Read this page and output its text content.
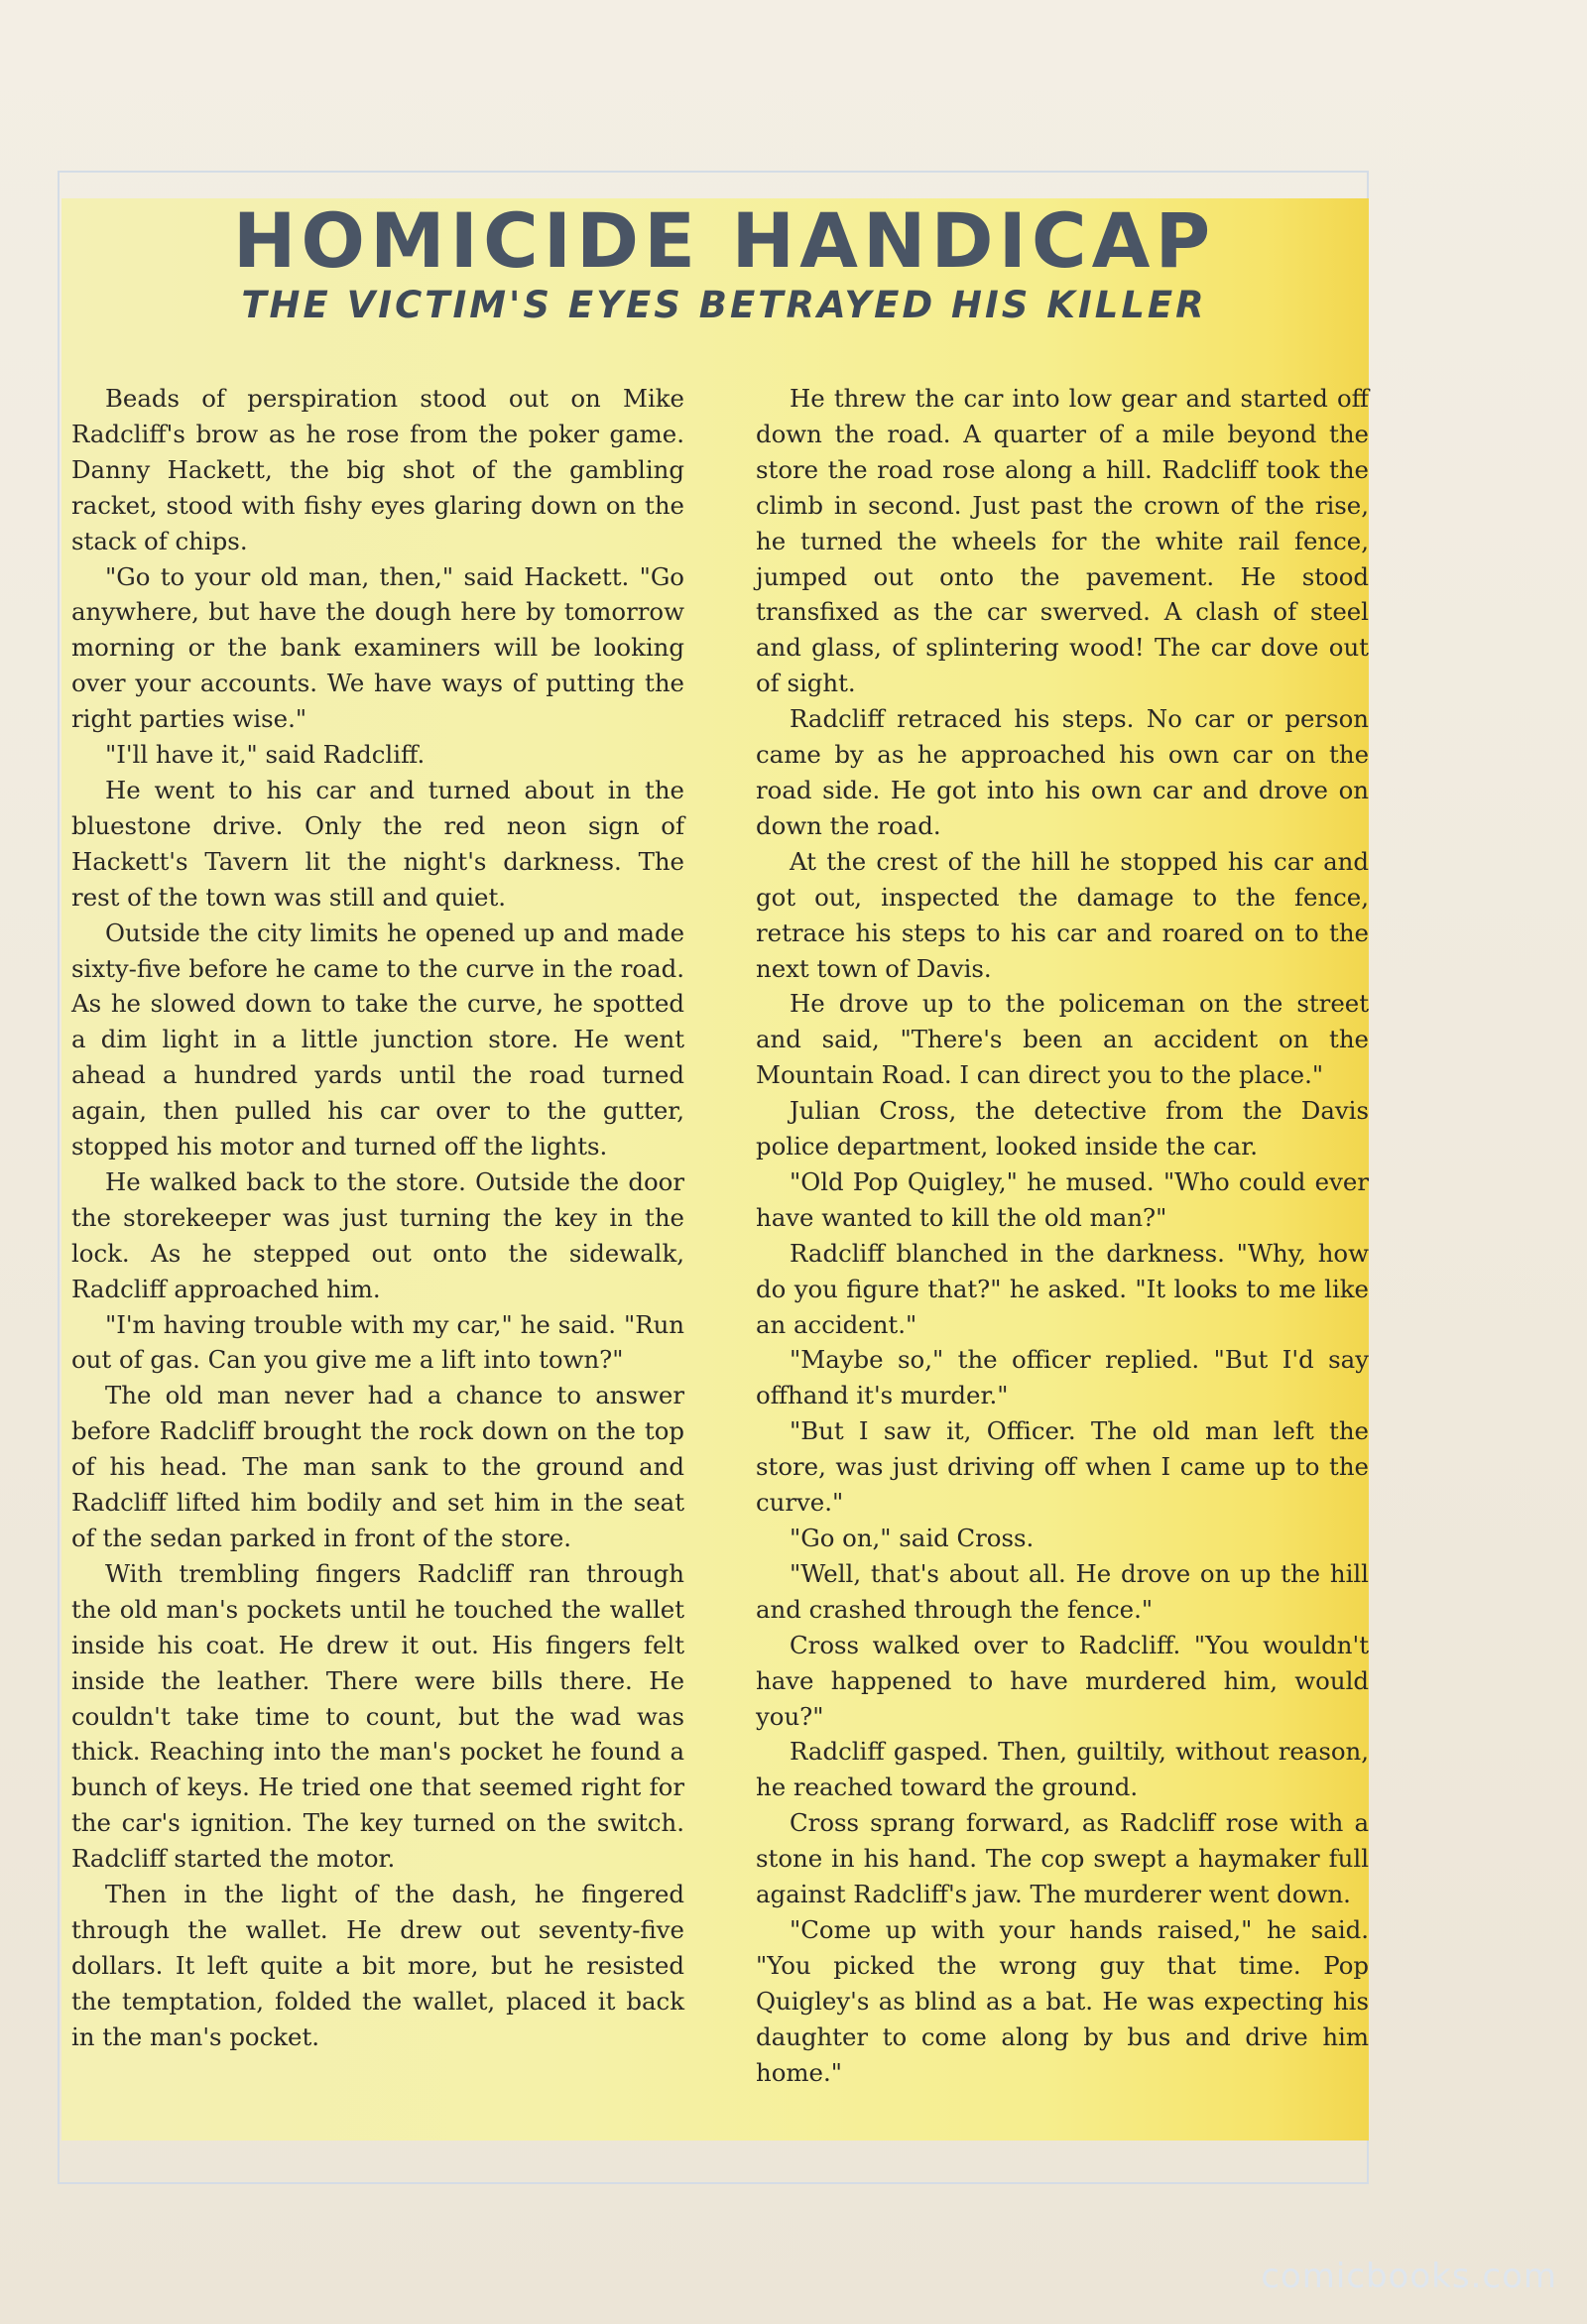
HOMICIDE HANDICAP
THE VICTIM'S EYES BETRAYED HIS KILLER

Beads of perspiration stood out on Mike Radcliff's brow as he rose from the poker game. Danny Hackett, the big shot of the gambling racket, stood with fishy eyes glaring down on the stack of chips.

"Go to your old man, then," said Hackett. "Go anywhere, but have the dough here by tomorrow morning or the bank examiners will be looking over your accounts. We have ways of putting the right parties wise."

"I'll have it," said Radcliff.

He went to his car and turned about in the bluestone drive. Only the red neon sign of Hackett's Tavern lit the night's darkness. The rest of the town was still and quiet.

Outside the city limits he opened up and made sixty-five before he came to the curve in the road. As he slowed down to take the curve, he spotted a dim light in a little junction store. He went ahead a hundred yards until the road turned again, then pulled his car over to the gutter, stopped his motor and turned off the lights.

He walked back to the store. Outside the door the storekeeper was just turning the key in the lock. As he stepped out onto the sidewalk, Radcliff approached him.

"I'm having trouble with my car," he said. "Run out of gas. Can you give me a lift into town?"

The old man never had a chance to answer before Radcliff brought the rock down on the top of his head. The man sank to the ground and Radcliff lifted him bodily and set him in the seat of the sedan parked in front of the store.

With trembling fingers Radcliff ran through the old man's pockets until he touched the wallet inside his coat. He drew it out. His fingers felt inside the leather. There were bills there. He couldn't take time to count, but the wad was thick. Reaching into the man's pocket he found a bunch of keys. He tried one that seemed right for the car's ignition. The key turned on the switch. Radcliff started the motor.

Then in the light of the dash, he fingered through the wallet. He drew out seventy-five dollars. It left quite a bit more, but he resisted the temptation, folded the wallet, placed it back in the man's pocket.

He threw the car into low gear and started off down the road. A quarter of a mile beyond the store the road rose along a hill. Radcliff took the climb in second. Just past the crown of the rise, he turned the wheels for the white rail fence, jumped out onto the pavement. He stood transfixed as the car swerved. A clash of steel and glass, of splintering wood! The car dove out of sight.

Radcliff retraced his steps. No car or person came by as he approached his own car on the road side. He got into his own car and drove on down the road.

At the crest of the hill he stopped his car and got out, inspected the damage to the fence, retrace his steps to his car and roared on to the next town of Davis.

He drove up to the policeman on the street and said, "There's been an accident on the Mountain Road. I can direct you to the place."

Julian Cross, the detective from the Davis police department, looked inside the car.

"Old Pop Quigley," he mused. "Who could ever have wanted to kill the old man?"

Radcliff blanched in the darkness. "Why, how do you figure that?" he asked. "It looks to me like an accident."

"Maybe so," the officer replied. "But I'd say offhand it's murder."

"But I saw it, Officer. The old man left the store, was just driving off when I came up to the curve."

"Go on," said Cross.

"Well, that's about all. He drove on up the hill and crashed through the fence."

Cross walked over to Radcliff. "You wouldn't have happened to have murdered him, would you?"

Radcliff gasped. Then, guiltily, without reason, he reached toward the ground.

Cross sprang forward, as Radcliff rose with a stone in his hand. The cop swept a haymaker full against Radcliff's jaw. The murderer went down.

"Come up with your hands raised," he said. "You picked the wrong guy that time. Pop Quigley's as blind as a bat. He was expecting his daughter to come along by bus and drive him home."

comicbooks.com
